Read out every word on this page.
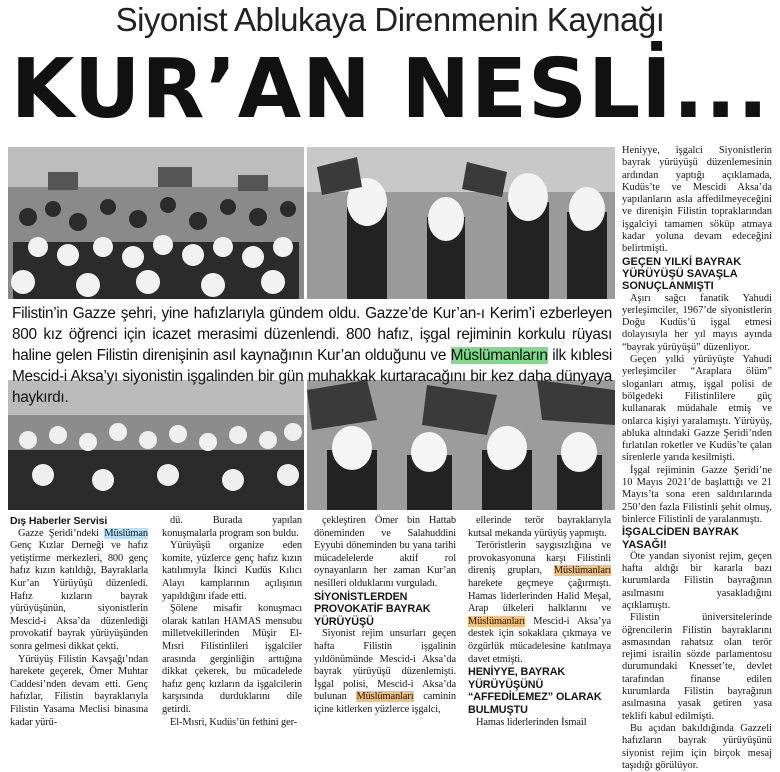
Siyonist Ablukaya Direnmenin Kaynağı
KUR’AN NESLİ...
Filistin’in Gazze şehri, yine hafızlarıyla gündem oldu. Gazze’de Kur’an-ı Kerim’i ezberleyen 800 kız öğrenci için icazet merasimi düzenlendi. 800 hafız, işgal rejiminin korkulu rüyası haline gelen Filistin direnişinin asıl kaynağının Kur’an olduğunu ve Müslümanların ilk kıblesi Mescid-i Aksa’yı siyonistin işgalinden bir gün muhakkak kurtaracağını bir kez daha dünyaya haykırdı.

Dış Haberler Servisi

Gazze Şeridi’ndeki Müslüman Genç Kızlar Derneği ve hafız yetiştirme merkezleri, 800 genç hafız kızın katıldığı, Bayraklarla Kur’an Yürüyüşü düzenledi. Hafız kızların bayrak yürüyüşünün, siyonistlerin Mescid-i Aksa’da düzenlediği provokatif bayrak yürüyüşünden sonra gelmesi dikkat çekti.

Yürüyüş Filistin Kavşağı’ndan harekete geçerek, Ömer Muhtar Caddesi’nden devam etti. Genç hafızlar, Filistin bayraklarıyla Filistin Yasama Meclisi binasına kadar yürü-

dü. Burada yapılan konuşmalarla program son buldu.

Yürüyüşü organize eden komite, yüzlerce genç hafız kızın katılımıyla İkinci Kudüs Kılıcı Alayı kamplarının açılışının yapıldığını ifade etti.

Şölene misafir konuşmacı olarak katılan HAMAS mensubu milletvekillerinden Müşir El-Mısri Filistinlileri işgalciler arasında gerginliğin arttığına dikkat çekerek, bu mücadelede hafız genç kızların da işgalcilerin karşısında durduklarını dile getirdi.

El-Mısri, Kudüs’ün fethini ger-

çekleştiren Ömer bin Hattab döneminden ve Salahuddini Eyyubi döneminden bu yana tarihi mücadelelerde aktif rol oynayanların her zaman Kur’an nesilleri olduklarını vurguladı.

SİYONİSTLERDEN PROVOKATİF BAYRAK YÜRÜYÜŞÜ

Siyonist rejim unsurları geçen hafta Filistin işgalinin yıldönümünde Mescid-i Aksa’da bayrak yürüyüşü düzenlemişti. İşgal polisi, Mescid-i Aksa’da bulunan Müslümanları caminin içine kitlerken yüzlerce işgalci,

ellerinde terör bayraklarıyla kutsal mekanda yürüyüş yapmıştı.

Teröristlerin saygısızlığına ve provokasyonuna karşı Filistinli direniş grupları, Müslümanları harekete geçmeye çağırmıştı. Hamas liderlerinden Halid Meşal, Arap ülkeleri halklarını ve Müslümanları Mescid-i Aksa’ya destek için sokaklara çıkmaya ve özgürlük mücadelesine katılmaya davet etmişti.

HENİYYE, BAYRAK YÜRÜYÜŞÜNÜ “AFFEDİLEMEZ” OLARAK BULMUŞTU

Hamas liderlerinden İsmail

Heniyye, işgalci Siyonistlerin bayrak yürüyüşü düzenlemesinin ardından yaptığı açıklamada, Kudüs’te ve Mescidi Aksa’da yapılanların asla affedilmeyeceğini ve direnişin Filistin topraklarından işgalciyi tamamen söküp atmaya kadar yoluna devam edeceğini belirtmişti.

GEÇEN YILKİ BAYRAK YÜRÜYÜŞÜ SAVAŞLA SONUÇLANMIŞTI

Aşırı sağcı fanatik Yahudi yerleşimciler, 1967’de siyonistlerin Doğu Kudüs’ü işgal etmesi dolayısıyla her yıl mayıs ayında “bayrak yürüyüşü” düzenliyor.

Geçen yılki yürüyüşte Yahudi yerleşimciler “Araplara ölüm” sloganları atmış, işgal polisi de bölgedeki Filistinlilere güç kullanarak müdahale etmiş ve onlarca kişiyi yaralamıştı. Yürüyüş, abluka altındaki Gazze Şeridi’nden fırlatılan roketler ve Kudüs’te çalan sirenlerle yarıda kesilmişti.

İşgal rejiminin Gazze Şeridi’ne 10 Mayıs 2021’de başlattığı ve 21 Mayıs’ta sona eren saldırılarında 250’den fazla Filistinli şehit olmuş, binlerce Filistinli de yaralanmıştı.

İŞGALCİDEN BAYRAK YASAĞI!

Öte yandan siyonist rejim, geçen hafta aldığı bir kararla bazı kurumlarda Filistin bayrağının asılmasını yasakladığını açıklamıştı.

Filistin üniversitelerinde öğrencilerin Filistin bayraklarını asmasından rahatsız olan terör rejimi israilin sözde parlamentosu durumundaki Knesset’te, devlet tarafından finanse edilen kurumlarda Filistin bayrağının asılmasına yasak getiren yasa teklifi kabul edilmişti.

Bu açıdan bakıldığında Gazzeli hafızların bayrak yürüyüşünü siyonist rejim için birçok mesaj taşıdığı görülüyor.
